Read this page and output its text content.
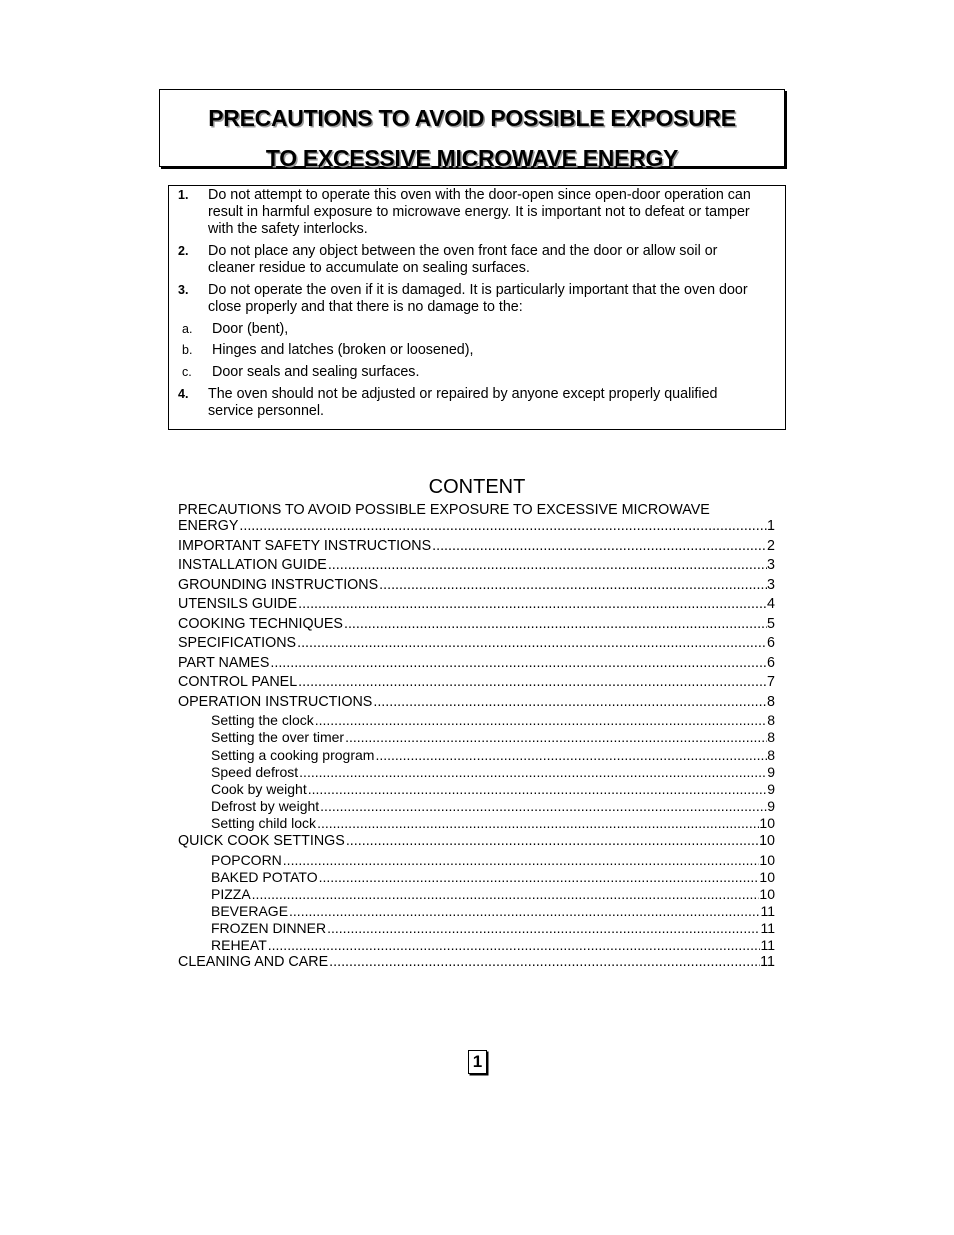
PRECAUTIONS TO AVOID POSSIBLE EXPOSURE
TO EXCESSIVE MICROWAVE ENERGY
1. Do not attempt to operate this oven with the door-open since open-door operation can
result in harmful exposure to microwave energy. It is important not to defeat or tamper
with the safety interlocks.
2. Do not place any object between the oven front face and the door or allow soil or
cleaner residue to accumulate on sealing surfaces.
3. Do not operate the oven if it is damaged. It is particularly important that the oven door
close properly and that there is no damage to the:
a. Door (bent),
b. Hinges and latches (broken or loosened),
c. Door seals and sealing surfaces.
4. The oven should not be adjusted or repaired by anyone except properly qualified
service personnel.
CONTENT
PRECAUTIONS TO AVOID POSSIBLE EXPOSURE TO EXCESSIVE MICROWAVE
ENERGY .....	1
IMPORTANT SAFETY INSTRUCTIONS .....	2
INSTALLATION GUIDE .....	3
GROUNDING INSTRUCTIONS .....	3
UTENSILS GUIDE .....	4
COOKING TECHNIQUES .....	5
SPECIFICATIONS .....	6
PART NAMES .....	6
CONTROL PANEL .....	7
OPERATION INSTRUCTIONS .....	8
Setting the clock .....	8
Setting the over timer .....	8
Setting a cooking program .....	8
Speed defrost .....	9
Cook by weight .....	9
Defrost by weight .....	9
Setting child lock .....	10
QUICK COOK SETTINGS .....	10
POPCORN .....	10
BAKED POTATO .....	10
PIZZA .....	10
BEVERAGE .....	11
FROZEN DINNER .....	11
REHEAT .....	11
CLEANING AND CARE .....	11
1
